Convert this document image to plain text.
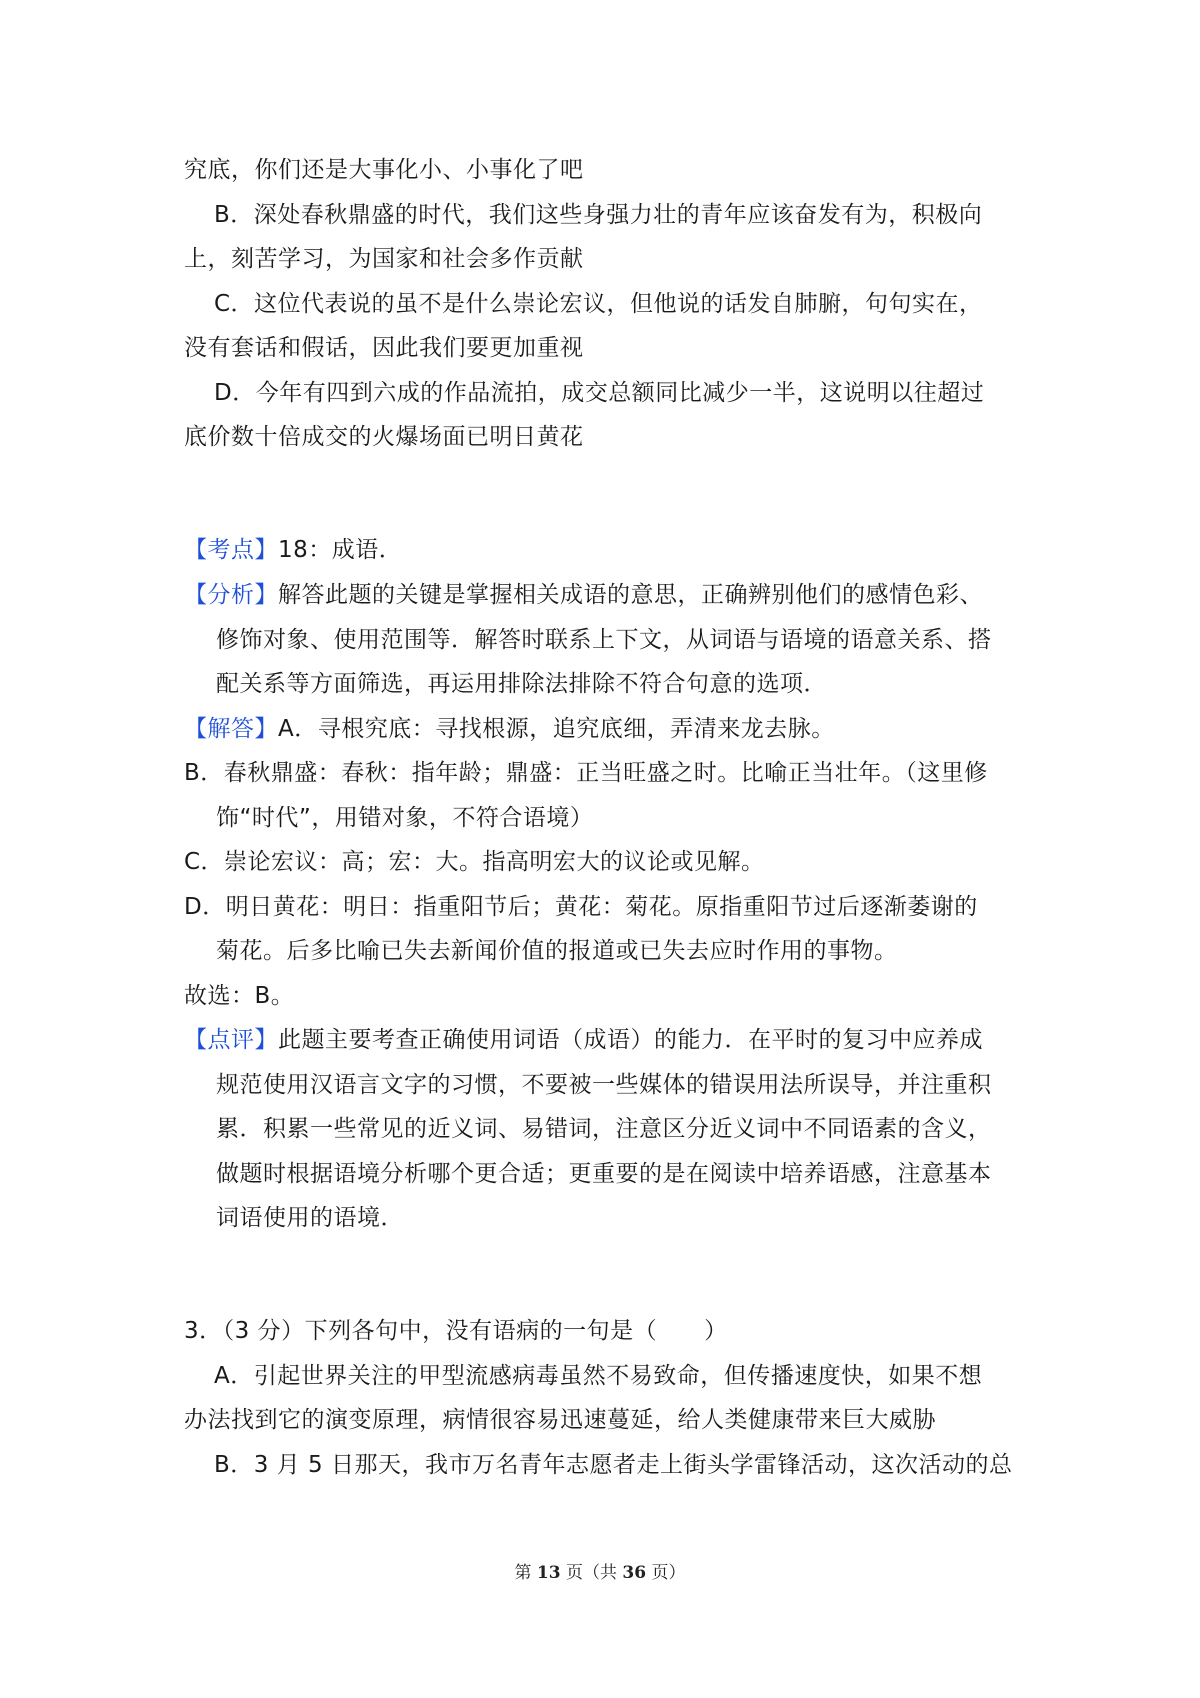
究底，你们还是大事化小、小事化了吧
B．深处春秋鼎盛的时代，我们这些身强力壮的青年应该奋发有为，积极向
上，刻苦学习，为国家和社会多作贡献
C．这位代表说的虽不是什么崇论宏议，但他说的话发自肺腑，句句实在，
没有套话和假话，因此我们要更加重视
D．今年有四到六成的作品流拍，成交总额同比减少一半，这说明以往超过
底价数十倍成交的火爆场面已明日黄花
【考点】18：成语．
【分析】解答此题的关键是掌握相关成语的意思，正确辨别他们的感情色彩、
修饰对象、使用范围等．解答时联系上下文，从词语与语境的语意关系、搭
配关系等方面筛选，再运用排除法排除不符合句意的选项．
【解答】A．寻根究底：寻找根源，追究底细，弄清来龙去脉。
B．春秋鼎盛：春秋：指年龄；鼎盛：正当旺盛之时。比喻正当壮年。（这里修
饰“时代”，用错对象，不符合语境）
C．崇论宏议：高；宏：大。指高明宏大的议论或见解。
D．明日黄花：明日：指重阳节后；黄花：菊花。原指重阳节过后逐渐萎谢的
菊花。后多比喻已失去新闻价值的报道或已失去应时作用的事物。
故选：B。
【点评】此题主要考查正确使用词语（成语）的能力．在平时的复习中应养成
规范使用汉语言文字的习惯，不要被一些媒体的错误用法所误导，并注重积
累．积累一些常见的近义词、易错词，注意区分近义词中不同语素的含义，
做题时根据语境分析哪个更合适；更重要的是在阅读中培养语感，注意基本
词语使用的语境．
3．（3 分）下列各句中，没有语病的一句是（　　）
A．引起世界关注的甲型流感病毒虽然不易致命，但传播速度快，如果不想
办法找到它的演变原理，病情很容易迅速蔓延，给人类健康带来巨大威胁
B．3 月 5 日那天，我市万名青年志愿者走上街头学雷锋活动，这次活动的总
第 13 页（共 36 页）
